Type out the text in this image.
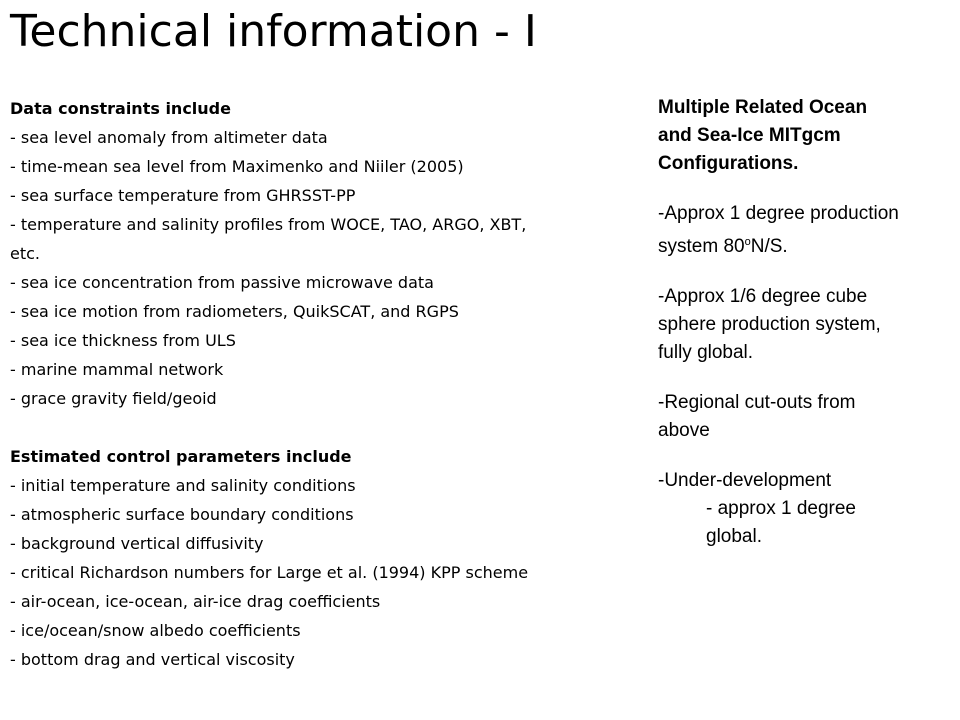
Technical information - I
Data constraints include
- sea level anomaly from altimeter data
- time-mean sea level from Maximenko and Niiler (2005)
- sea surface temperature from GHRSST-PP
- temperature and salinity profiles from WOCE, TAO, ARGO, XBT,
etc.
- sea ice concentration from passive microwave data
- sea ice motion from radiometers, QuikSCAT, and RGPS
- sea ice thickness from ULS
- marine mammal network
- grace gravity field/geoid
Estimated control parameters include
- initial temperature and salinity conditions
- atmospheric surface boundary conditions
- background vertical diffusivity
- critical Richardson numbers for Large et al. (1994) KPP scheme
- air-ocean, ice-ocean, air-ice drag coefficients
- ice/ocean/snow albedo coefficients
- bottom drag and vertical viscosity
Multiple Related Ocean
and Sea-Ice MITgcm
Configurations.
-Approx 1 degree production
system 80$^o$N/S.
-Approx 1/6 degree cube
sphere production system,
fully global.
-Regional cut-outs from
above
-Under-development
- approx 1 degree
global.
